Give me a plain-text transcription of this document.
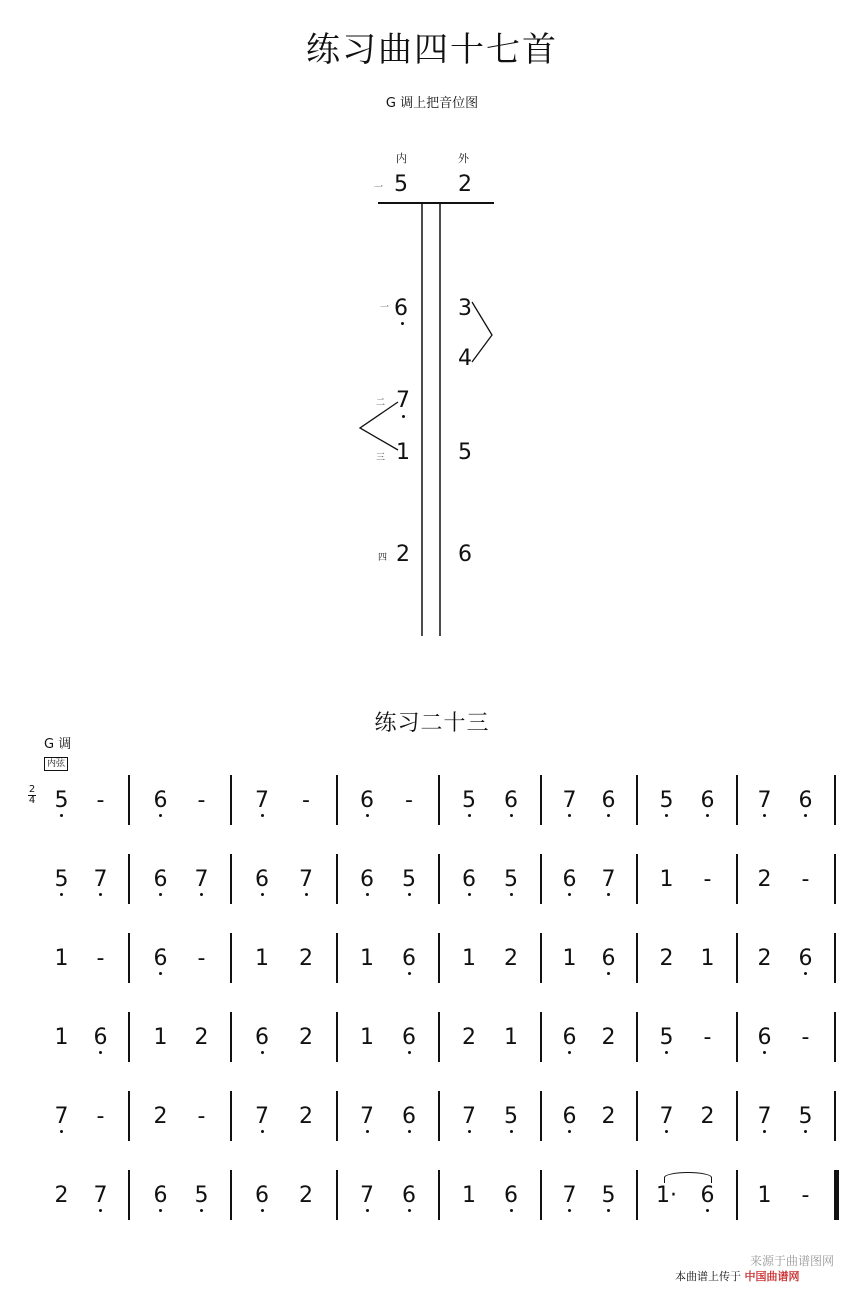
练习曲四十七首
G 调上把音位图
内	外
一 5 2
一 6 3
4
二 7
三 1 5
四 2 6
练习二十三
G 调
内弦
2
4 5	-	6	-	7	-	6	-	5 6 7 6 5 6 7 6
5 7 6 7 6 7 6 5 6 5 6 7 1	-	2	-
1	-	6	-	1 2 1 6 1 2 1 6 2 1 2 6
1 6 1 2 6 2 1 6 2 1 6 2 5	-	6	-
7	-	2	-	7 2 7 6 7 5 6 2 7 2 7 5
2 7 6 5 6 2 7 6 1 6 7 5 1· 6 1	-
来源于曲谱图网
本曲谱上传于 中国曲谱网
